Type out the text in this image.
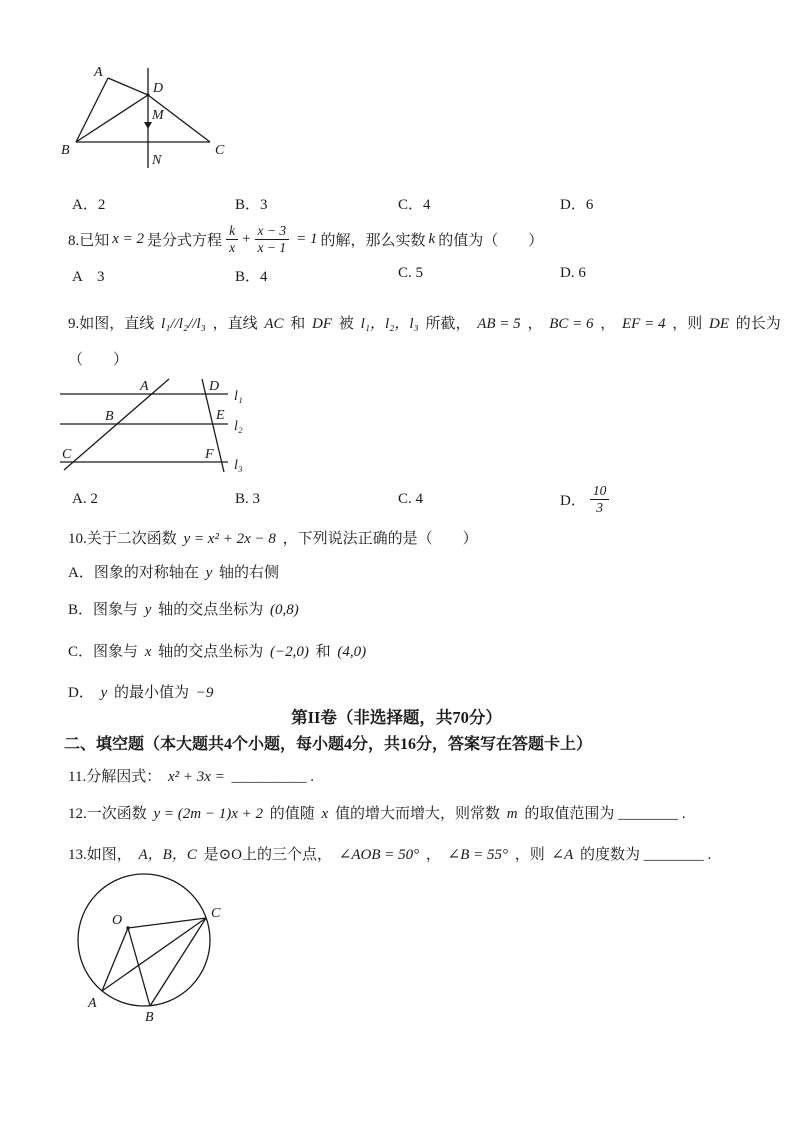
A
D
M
B	C
N
A．2	B．3	C．4	D．6
8.已知 x = 2 是分式方程 $\frac{k}{x} + \frac{x - 3}{x - 1} = 1$ 的解，那么实数 k 的值为（　　）
A　3	B．4	C. 5	D. 6
9.如图，直线 l₁//l₂//l₃ ，直线 AC 和 DF 被 l₁，l₂，l₃ 所截， AB = 5 ， BC = 6 ， EF = 4 ，则 DE 的长为
（　　）
A	D
B	E
C	F
l₁
l₂
l₃
A. 2	B. 3	C. 4	D． $\frac{10}{3}$
10.关于二次函数 y = x² + 2x − 8 ，下列说法正确的是（　　）
A．图象的对称轴在 y 轴的右侧
B．图象与 y 轴的交点坐标为 (0,8)
C．图象与 x 轴的交点坐标为 (−2,0) 和 (4,0)
D． y 的最小值为 −9
第II卷（非选择题，共70分）
二、填空题（本大题共4个小题，每小题4分，共16分，答案写在答题卡上）
11.分解因式： x² + 3x = __________ .
12.一次函数 y = (2m − 1)x + 2 的值随 x 值的增大而增大，则常数 m 的取值范围为 ________ .
13.如图， A，B，C 是⊙O上的三个点， ∠AOB = 50° ， ∠B = 55° ，则 ∠A 的度数为 ________ .
O	C
A
B
